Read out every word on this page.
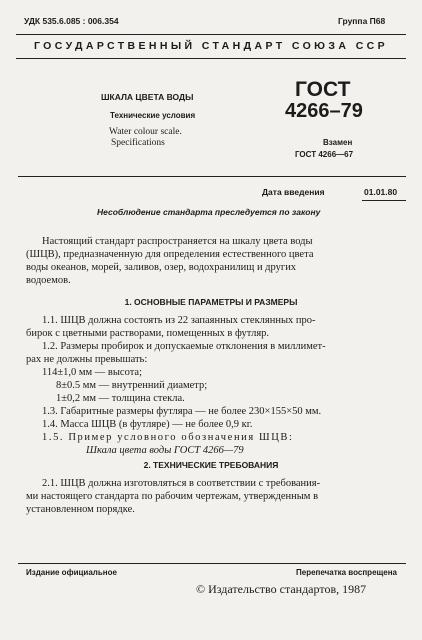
УДК 535.6.085 : 006.354	Группа П68
ГОСУДАРСТВЕННЫЙ СТАНДАРТ СОЮЗА ССР
ШКАЛА ЦВЕТА ВОДЫ
Технические условия
Water colour scale.
Specifications
ГОСТ
4266–79
Взамен
ГОСТ 4266—67
Дата введения	01.01.80
Несоблюдение стандарта преследуется по закону
Настоящий стандарт распространяется на шкалу цвета воды
(ШЦВ), предназначенную для определения естественного цвета
воды океанов, морей, заливов, озер, водохранилищ и других
водоемов.
1. ОСНОВНЫЕ ПАРАМЕТРЫ И РАЗМЕРЫ
1.1. ШЦВ должна состоять из 22 запаянных стеклянных про-
бирок с цветными растворами, помещенных в футляр.
1.2. Размеры пробирок и допускаемые отклонения в миллимет-
рах не должны превышать:
114±1,0 мм — высота;
8±0.5 мм — внутренний диаметр;
1±0,2 мм — толщина стекла.
1.3. Габаритные размеры футляра — не более 230×155×50 мм.
1.4. Масса ШЦВ (в футляре) — не более 0,9 кг.
1.5. Пример условного обозначения ШЦВ:
Шкала цвета воды ГОСТ 4266—79
2. ТЕХНИЧЕСКИЕ ТРЕБОВАНИЯ
2.1. ШЦВ должна изготовляться в соответствии с требования-
ми настоящего стандарта по рабочим чертежам, утвержденным в
установленном порядке.
Издание официальное	Перепечатка воспрещена
© Издательство стандартов, 1987
